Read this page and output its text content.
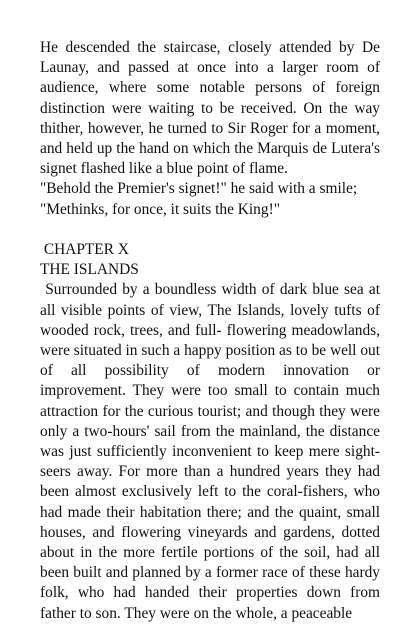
He descended the staircase, closely attended by De Launay, and passed at once into a larger room of audience, where some notable persons of foreign distinction were waiting to be received. On the way thither, however, he turned to Sir Roger for a moment, and held up the hand on which the Marquis de Lutera's signet flashed like a blue point of flame.

"Behold the Premier's signet!" he said with a smile; "Methinks, for once, it suits the King!"

CHAPTER X

THE ISLANDS

Surrounded by a boundless width of dark blue sea at all visible points of view, The Islands, lovely tufts of wooded rock, trees, and full- flowering meadowlands, were situated in such a happy position as to be well out of all possibility of modern innovation or improvement. They were too small to contain much attraction for the curious tourist; and though they were only a two-hours' sail from the mainland, the distance was just sufficiently inconvenient to keep mere sight-seers away. For more than a hundred years they had been almost exclusively left to the coral-fishers, who had made their habitation there; and the quaint, small houses, and flowering vineyards and gardens, dotted about in the more fertile portions of the soil, had all been built and planned by a former race of these hardy folk, who had handed their properties down from father to son. They were on the whole, a peaceable
